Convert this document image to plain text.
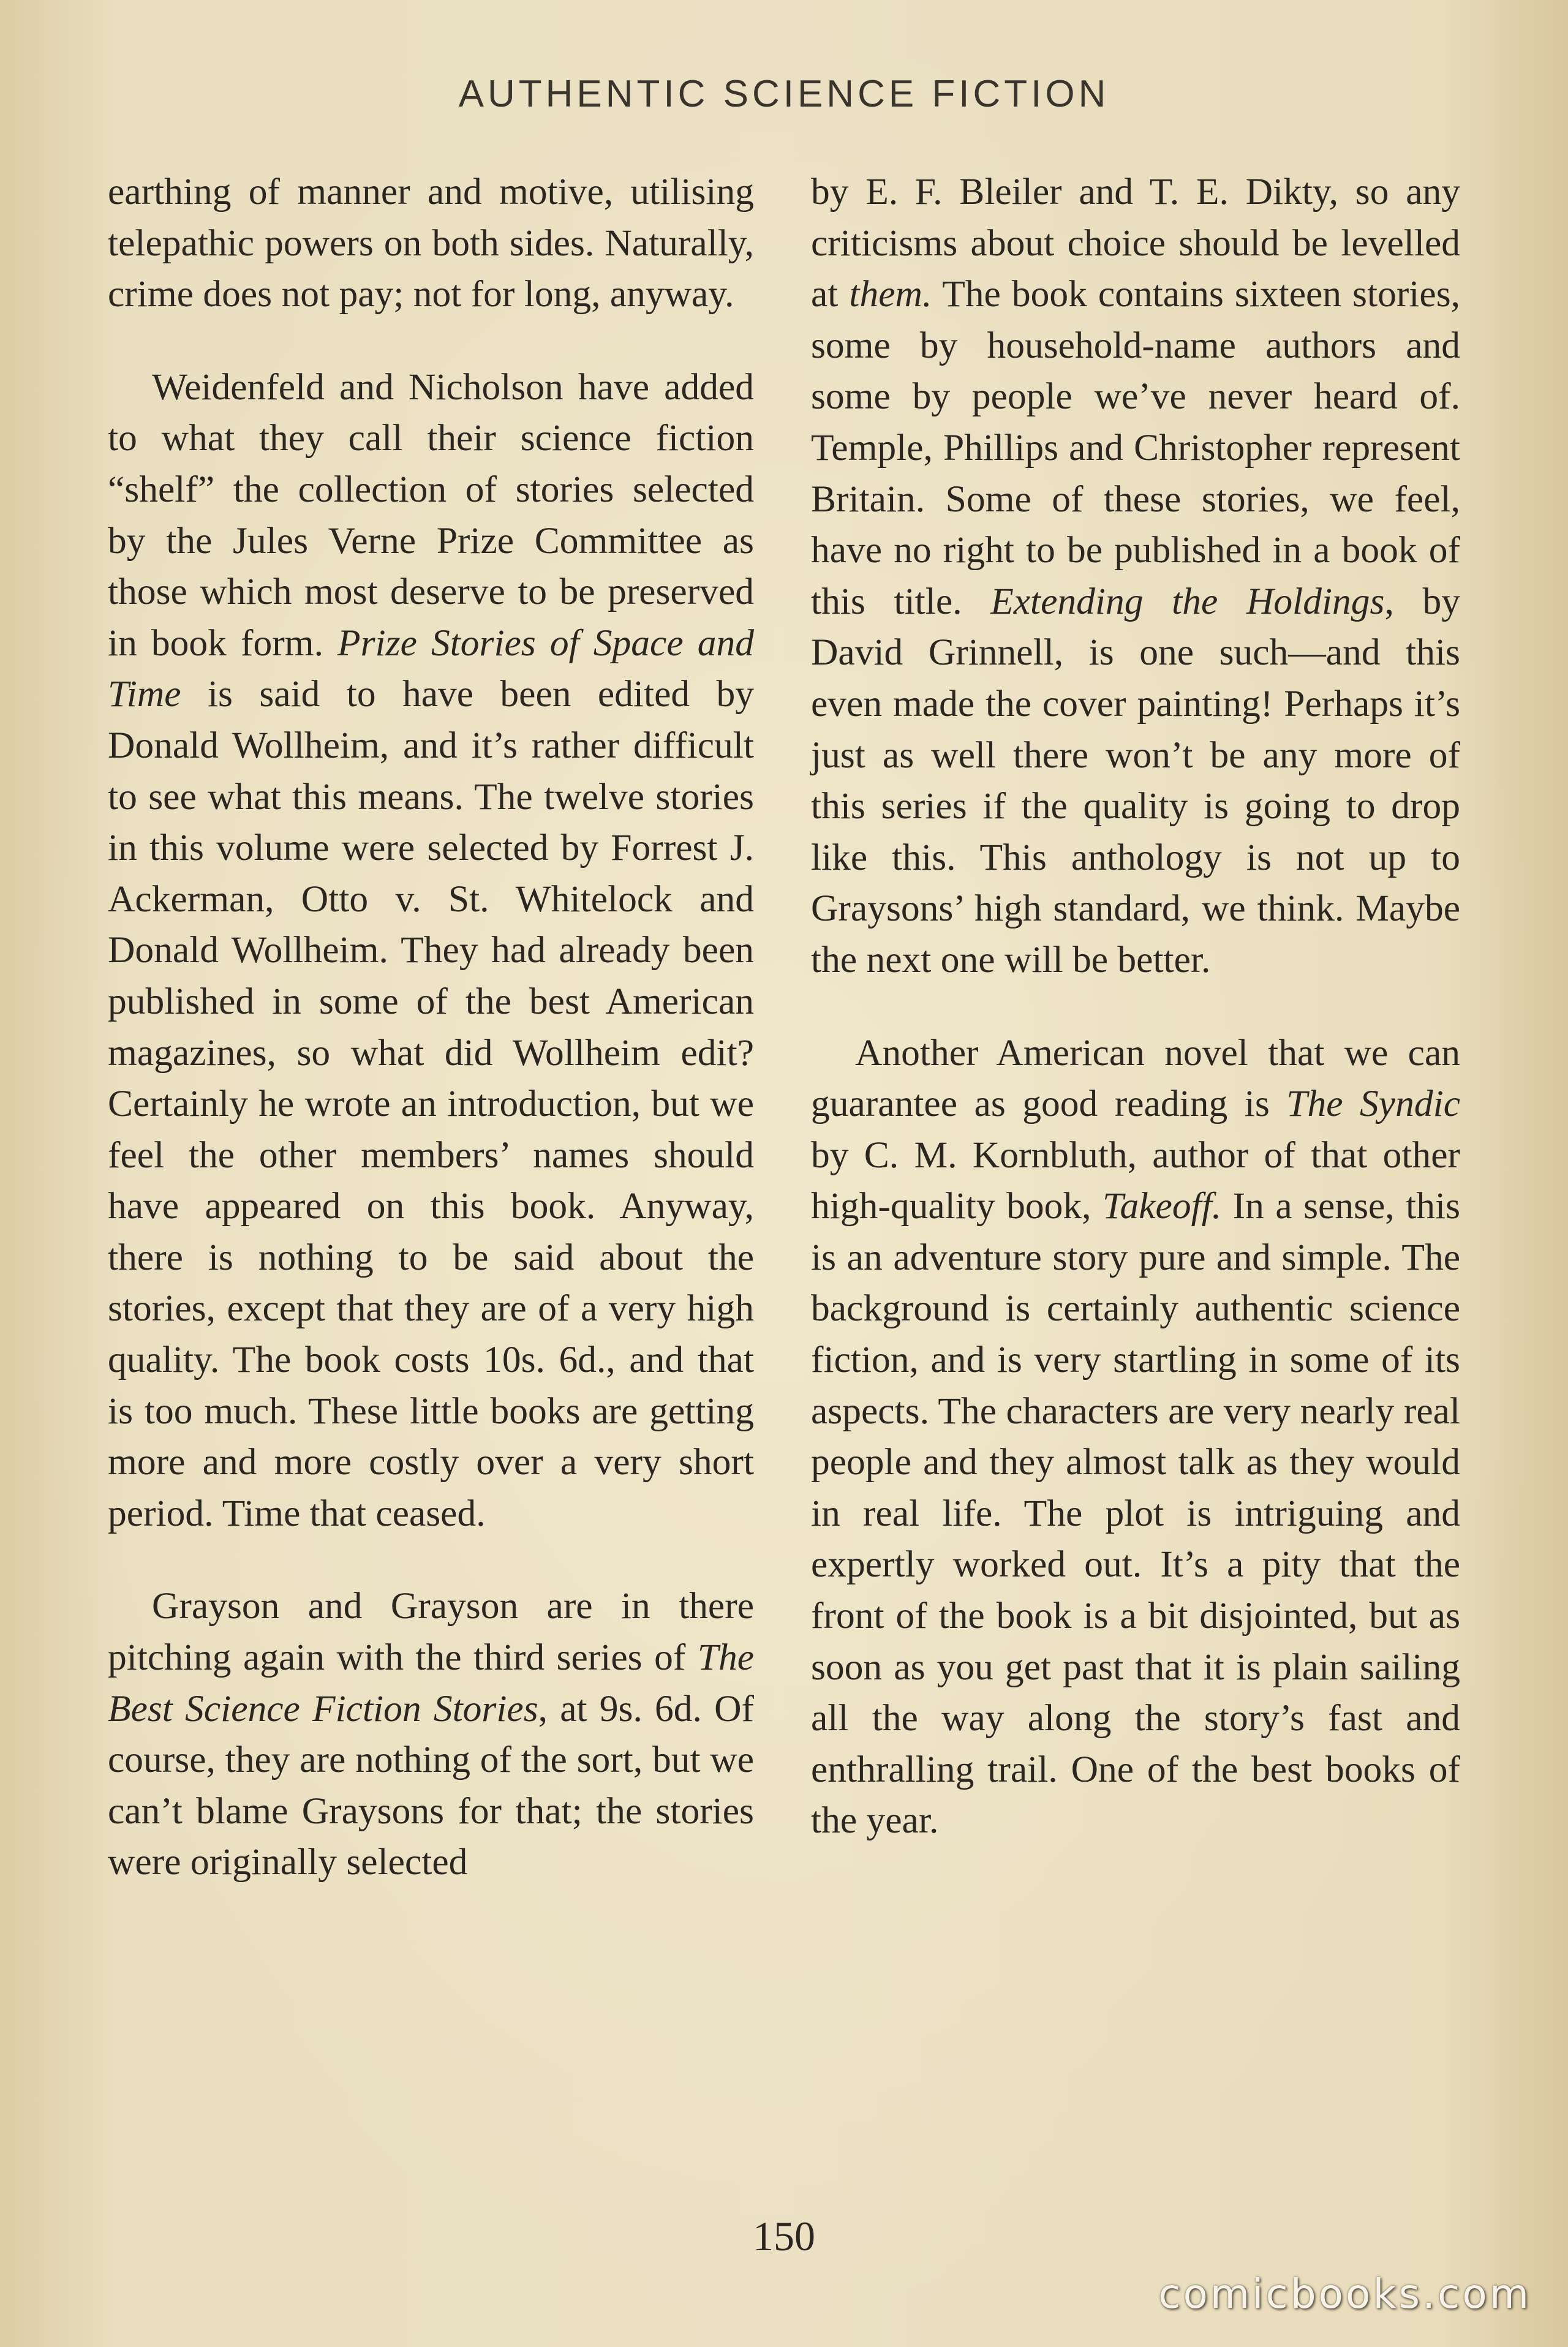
AUTHENTIC SCIENCE FICTION

earthing of manner and motive, utilising telepathic powers on both sides. Naturally, crime does not pay; not for long, anyway.

Weidenfeld and Nicholson have added to what they call their science fiction “shelf” the collection of stories selected by the Jules Verne Prize Committee as those which most deserve to be preserved in book form. Prize Stories of Space and Time is said to have been edited by Donald Wollheim, and it’s rather difficult to see what this means. The twelve stories in this volume were selected by Forrest J. Ackerman, Otto v. St. Whitelock and Donald Wollheim. They had already been published in some of the best American magazines, so what did Wollheim edit? Certainly he wrote an introduction, but we feel the other members’ names should have appeared on this book. Anyway, there is nothing to be said about the stories, except that they are of a very high quality. The book costs 10s. 6d., and that is too much. These little books are getting more and more costly over a very short period. Time that ceased.

Grayson and Grayson are in there pitching again with the third series of The Best Science Fiction Stories, at 9s. 6d. Of course, they are nothing of the sort, but we can’t blame Graysons for that; the stories were originally selected

by E. F. Bleiler and T. E. Dikty, so any criticisms about choice should be levelled at them. The book contains sixteen stories, some by household-name authors and some by people we’ve never heard of. Temple, Phillips and Christopher represent Britain. Some of these stories, we feel, have no right to be published in a book of this title. Extending the Holdings, by David Grinnell, is one such—and this even made the cover painting! Perhaps it’s just as well there won’t be any more of this series if the quality is going to drop like this. This anthology is not up to Graysons’ high standard, we think. Maybe the next one will be better.

Another American novel that we can guarantee as good reading is The Syndic by C. M. Kornbluth, author of that other high-quality book, Takeoff. In a sense, this is an adventure story pure and simple. The background is certainly authentic science fiction, and is very startling in some of its aspects. The characters are very nearly real people and they almost talk as they would in real life. The plot is intriguing and expertly worked out. It’s a pity that the front of the book is a bit disjointed, but as soon as you get past that it is plain sailing all the way along the story’s fast and enthralling trail. One of the best books of the year.

150
comicbooks.com
